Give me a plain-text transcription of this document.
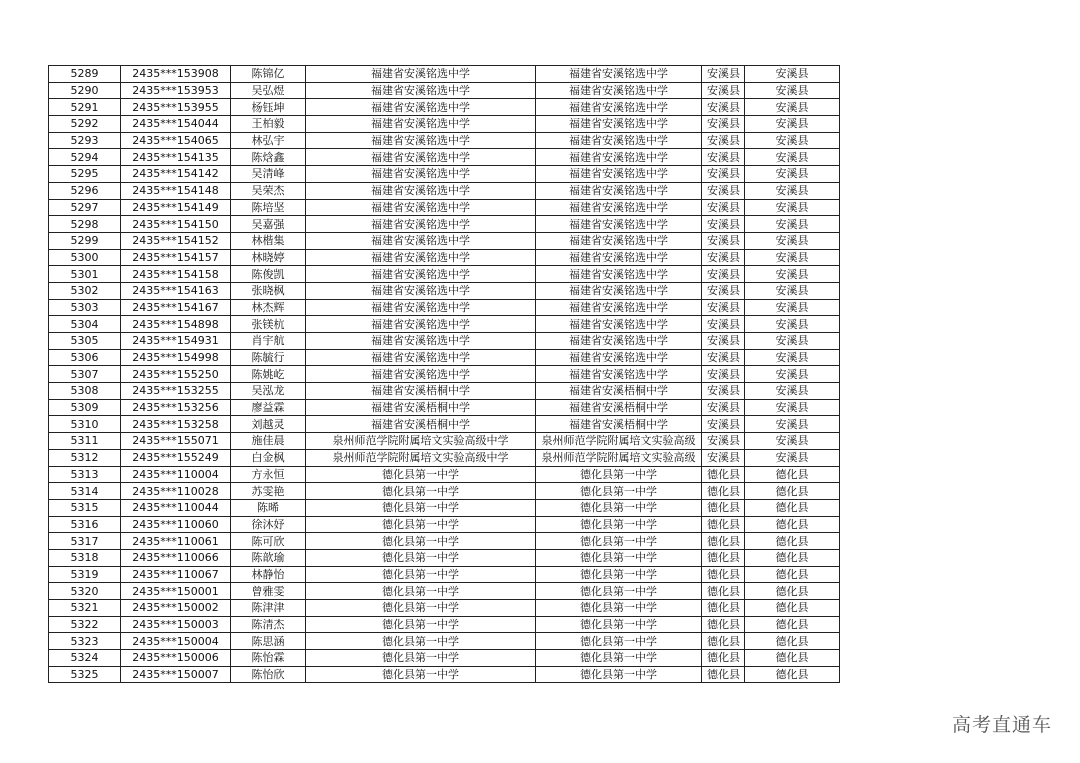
5289	2435***153908	陈锦亿	福建省安溪铭选中学	福建省安溪铭选中学	安溪县	安溪县
5290	2435***153953	吴弘煜	福建省安溪铭选中学	福建省安溪铭选中学	安溪县	安溪县
5291	2435***153955	杨钰坤	福建省安溪铭选中学	福建省安溪铭选中学	安溪县	安溪县
5292	2435***154044	王柏毅	福建省安溪铭选中学	福建省安溪铭选中学	安溪县	安溪县
5293	2435***154065	林弘宇	福建省安溪铭选中学	福建省安溪铭选中学	安溪县	安溪县
5294	2435***154135	陈焓鑫	福建省安溪铭选中学	福建省安溪铭选中学	安溪县	安溪县
5295	2435***154142	吴清峰	福建省安溪铭选中学	福建省安溪铭选中学	安溪县	安溪县
5296	2435***154148	吴荣杰	福建省安溪铭选中学	福建省安溪铭选中学	安溪县	安溪县
5297	2435***154149	陈培坚	福建省安溪铭选中学	福建省安溪铭选中学	安溪县	安溪县
5298	2435***154150	吴嘉强	福建省安溪铭选中学	福建省安溪铭选中学	安溪县	安溪县
5299	2435***154152	林楷集	福建省安溪铭选中学	福建省安溪铭选中学	安溪县	安溪县
5300	2435***154157	林晓婷	福建省安溪铭选中学	福建省安溪铭选中学	安溪县	安溪县
5301	2435***154158	陈俊凯	福建省安溪铭选中学	福建省安溪铭选中学	安溪县	安溪县
5302	2435***154163	张晓枫	福建省安溪铭选中学	福建省安溪铭选中学	安溪县	安溪县
5303	2435***154167	林杰辉	福建省安溪铭选中学	福建省安溪铭选中学	安溪县	安溪县
5304	2435***154898	张镁杭	福建省安溪铭选中学	福建省安溪铭选中学	安溪县	安溪县
5305	2435***154931	肖宇航	福建省安溪铭选中学	福建省安溪铭选中学	安溪县	安溪县
5306	2435***154998	陈毓行	福建省安溪铭选中学	福建省安溪铭选中学	安溪县	安溪县
5307	2435***155250	陈姚屹	福建省安溪铭选中学	福建省安溪铭选中学	安溪县	安溪县
5308	2435***153255	吴泓龙	福建省安溪梧桐中学	福建省安溪梧桐中学	安溪县	安溪县
5309	2435***153256	廖益霖	福建省安溪梧桐中学	福建省安溪梧桐中学	安溪县	安溪县
5310	2435***153258	刘越灵	福建省安溪梧桐中学	福建省安溪梧桐中学	安溪县	安溪县
5311	2435***155071	施佳晨	泉州师范学院附属培文实验高级中学	泉州师范学院附属培文实验高级	安溪县	安溪县
5312	2435***155249	白金枫	泉州师范学院附属培文实验高级中学	泉州师范学院附属培文实验高级	安溪县	安溪县
5313	2435***110004	方永恒	德化县第一中学	德化县第一中学	德化县	德化县
5314	2435***110028	苏雯艳	德化县第一中学	德化县第一中学	德化县	德化县
5315	2435***110044	陈晞	德化县第一中学	德化县第一中学	德化县	德化县
5316	2435***110060	徐沐妤	德化县第一中学	德化县第一中学	德化县	德化县
5317	2435***110061	陈可欣	德化县第一中学	德化县第一中学	德化县	德化县
5318	2435***110066	陈歆瑜	德化县第一中学	德化县第一中学	德化县	德化县
5319	2435***110067	林静怡	德化县第一中学	德化县第一中学	德化县	德化县
5320	2435***150001	曾雅雯	德化县第一中学	德化县第一中学	德化县	德化县
5321	2435***150002	陈津津	德化县第一中学	德化县第一中学	德化县	德化县
5322	2435***150003	陈清杰	德化县第一中学	德化县第一中学	德化县	德化县
5323	2435***150004	陈思涵	德化县第一中学	德化县第一中学	德化县	德化县
5324	2435***150006	陈怡霖	德化县第一中学	德化县第一中学	德化县	德化县
5325	2435***150007	陈怡欣	德化县第一中学	德化县第一中学	德化县	德化县
高考直通车
